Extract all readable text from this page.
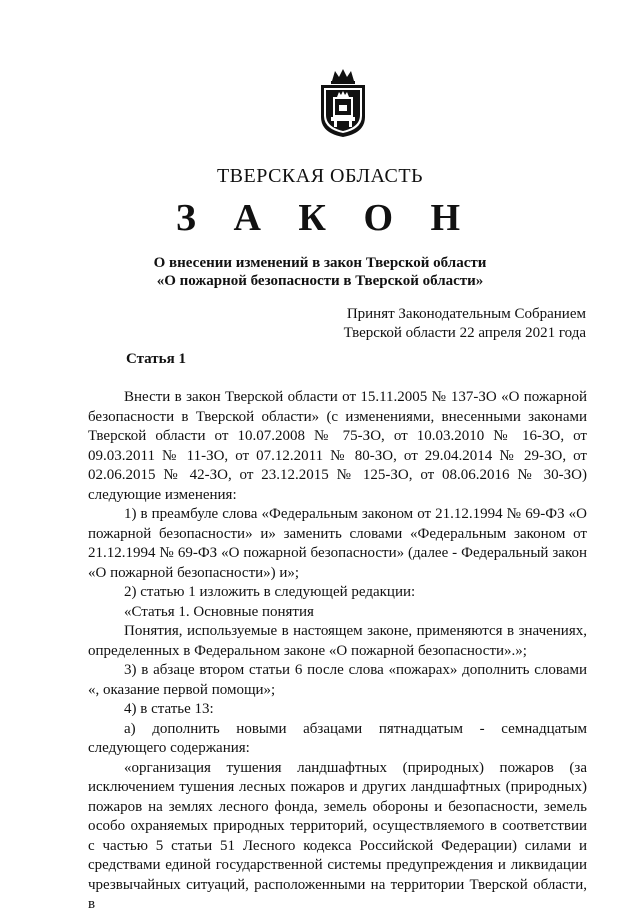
ТВЕРСКАЯ ОБЛАСТЬ
З А К О Н
О внесении изменений в закон Тверской области
«О пожарной безопасности в Тверской области»
Принят Законодательным Собранием
Тверской области 22 апреля 2021 года
Статья 1

Внести в закон Тверской области от 15.11.2005 № 137-ЗО «О пожарной безопасности в Тверской области» (с изменениями, внесенными законами Тверской области от 10.07.2008 № 75-ЗО, от 10.03.2010 № 16-ЗО, от 09.03.2011 № 11-ЗО, от 07.12.2011 № 80-ЗО, от 29.04.2014 № 29-ЗО, от 02.06.2015 № 42-ЗО, от 23.12.2015 № 125-ЗО, от 08.06.2016 № 30-ЗО) следующие изменения:

1) в преамбуле слова «Федеральным законом от 21.12.1994 № 69-ФЗ «О пожарной безопасности» и» заменить словами «Федеральным законом от 21.12.1994 № 69-ФЗ «О пожарной безопасности» (далее - Федеральный закон «О пожарной безопасности») и»;

2) статью 1 изложить в следующей редакции:

«Статья 1. Основные понятия

Понятия, используемые в настоящем законе, применяются в значениях, определенных в Федеральном законе «О пожарной безопасности».»;

3) в абзаце втором статьи 6 после слова «пожарах» дополнить словами «, оказание первой помощи»;

4) в статье 13:

а) дополнить новыми абзацами пятнадцатым - семнадцатым следующего содержания:

«организация тушения ландшафтных (природных) пожаров (за исключением тушения лесных пожаров и других ландшафтных (природных) пожаров на землях лесного фонда, земель обороны и безопасности, земель особо охраняемых природных территорий, осуществляемого в соответствии с частью 5 статьи 51 Лесного кодекса Российской Федерации) силами и средствами единой государственной системы предупреждения и ликвидации чрезвычайных ситуаций, расположенными на территории Тверской области, в
